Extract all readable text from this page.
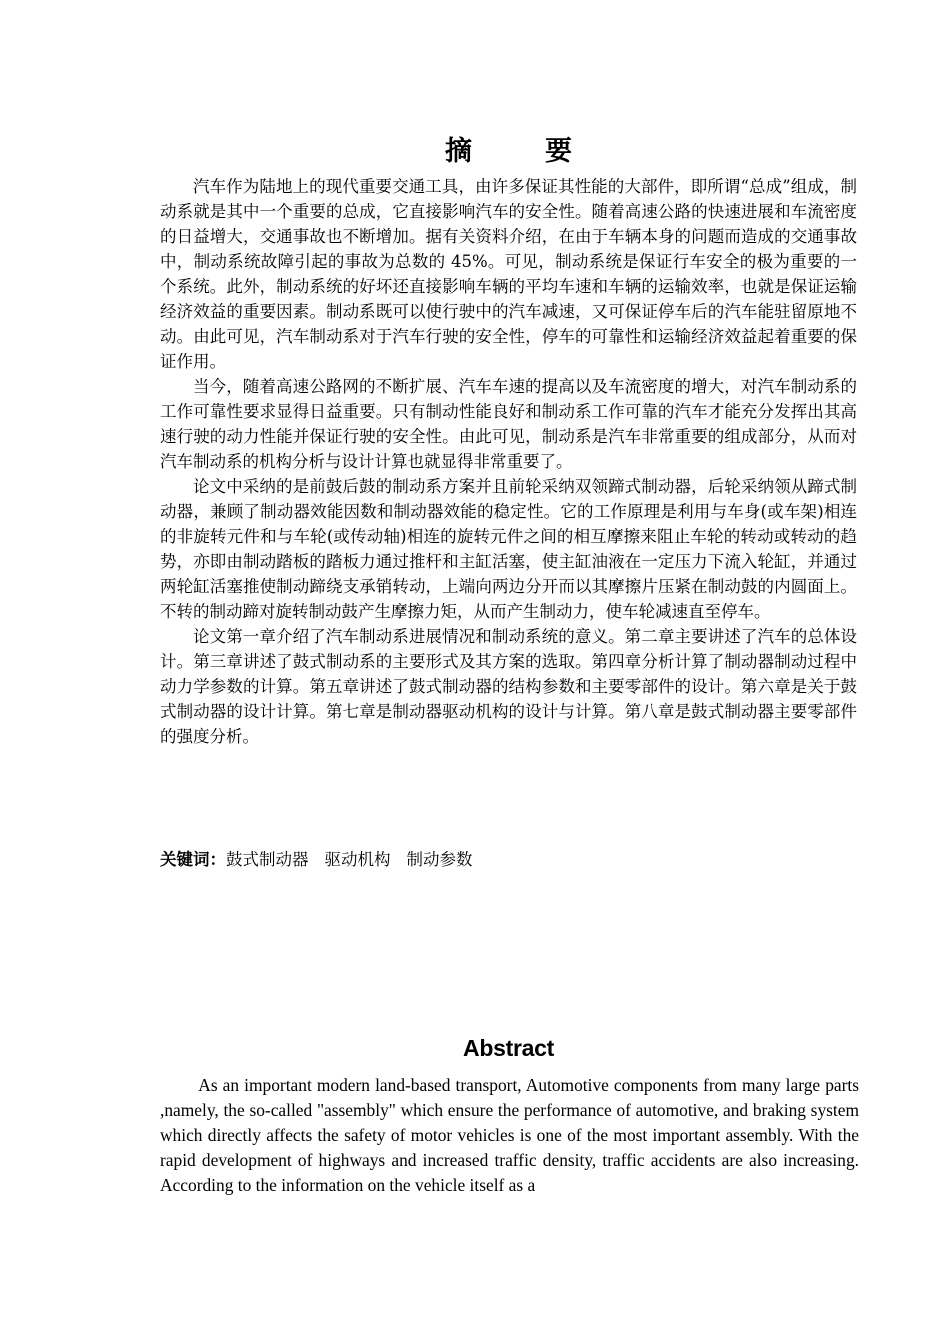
摘	要

汽车作为陆地上的现代重要交通工具，由许多保证其性能的大部件，即所谓“总成”组成，制动系就是其中一个重要的总成，它直接影响汽车的安全性。随着高速公路的快速进展和车流密度的日益增大，交通事故也不断增加。据有关资料介绍，在由于车辆本身的问题而造成的交通事故中，制动系统故障引起的事故为总数的 45%。可见，制动系统是保证行车安全的极为重要的一个系统。此外，制动系统的好坏还直接影响车辆的平均车速和车辆的运输效率，也就是保证运输经济效益的重要因素。制动系既可以使行驶中的汽车减速，又可保证停车后的汽车能驻留原地不动。由此可见，汽车制动系对于汽车行驶的安全性，停车的可靠性和运输经济效益起着重要的保证作用。

当今，随着高速公路网的不断扩展、汽车车速的提高以及车流密度的增大，对汽车制动系的工作可靠性要求显得日益重要。只有制动性能良好和制动系工作可靠的汽车才能充分发挥出其高速行驶的动力性能并保证行驶的安全性。由此可见，制动系是汽车非常重要的组成部分，从而对汽车制动系的机构分析与设计计算也就显得非常重要了。

论文中采纳的是前鼓后鼓的制动系方案并且前轮采纳双领蹄式制动器，后轮采纳领从蹄式制动器，兼顾了制动器效能因数和制动器效能的稳定性。它的工作原理是利用与车身(或车架)相连的非旋转元件和与车轮(或传动轴)相连的旋转元件之间的相互摩擦来阻止车轮的转动或转动的趋势，亦即由制动踏板的踏板力通过推杆和主缸活塞，使主缸油液在一定压力下流入轮缸，并通过两轮缸活塞推使制动蹄绕支承销转动，上端向两边分开而以其摩擦片压紧在制动鼓的内圆面上。不转的制动蹄对旋转制动鼓产生摩擦力矩，从而产生制动力，使车轮减速直至停车。

论文第一章介绍了汽车制动系进展情况和制动系统的意义。第二章主要讲述了汽车的总体设计。第三章讲述了鼓式制动系的主要形式及其方案的选取。第四章分析计算了制动器制动过程中动力学参数的计算。第五章讲述了鼓式制动器的结构参数和主要零部件的设计。第六章是关于鼓式制动器的设计计算。第七章是制动器驱动机构的设计与计算。第八章是鼓式制动器主要零部件的强度分析。

关键词：鼓式制动器 驱动机构 制动参数

Abstract

As an important modern land-based transport, Automotive components from many large parts ,namely, the so-called "assembly" which ensure the performance of automotive, and braking system which directly affects the safety of motor vehicles is one of the most important assembly. With the rapid development of highways and increased traffic density, traffic accidents are also increasing. According to the information on the vehicle itself as a
